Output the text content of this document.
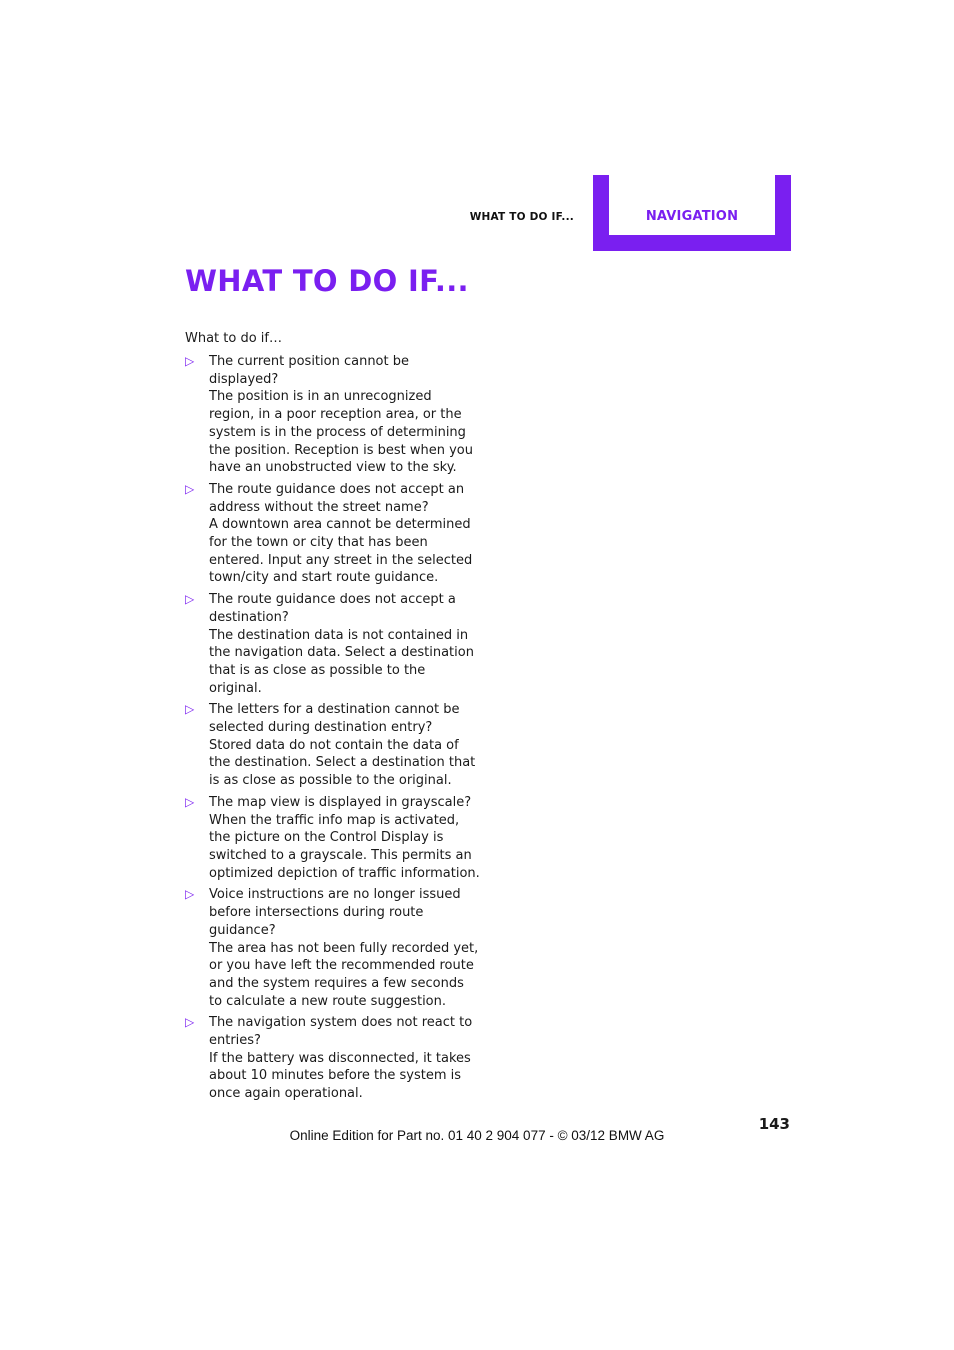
WHAT TO DO IF...	NAVIGATION
WHAT TO DO IF...
What to do if…
▷ The current position cannot be displayed?

The position is in an unrecognized region, in a poor reception area, or the system is in the process of determining the position. Reception is best when you have an unobstructed view to the sky.

▷ The route guidance does not accept an address without the street name?

A downtown area cannot be determined for the town or city that has been entered. Input any street in the selected town/city and start route guidance.

▷ The route guidance does not accept a destination?

The destination data is not contained in the navigation data. Select a destination that is as close as possible to the original.

▷ The letters for a destination cannot be selected during destination entry?

Stored data do not contain the data of the destination. Select a destination that is as close as possible to the original.

▷ The map view is displayed in grayscale?

When the traffic info map is activated, the picture on the Control Display is switched to a grayscale. This permits an optimized depiction of traffic information.

▷ Voice instructions are no longer issued before intersections during route guidance?

The area has not been fully recorded yet, or you have left the recommended route and the system requires a few seconds to calculate a new route suggestion.

▷ The navigation system does not react to entries?

If the battery was disconnected, it takes about 10 minutes before the system is once again operational.

143
Online Edition for Part no. 01 40 2 904 077 - © 03/12 BMW AG
